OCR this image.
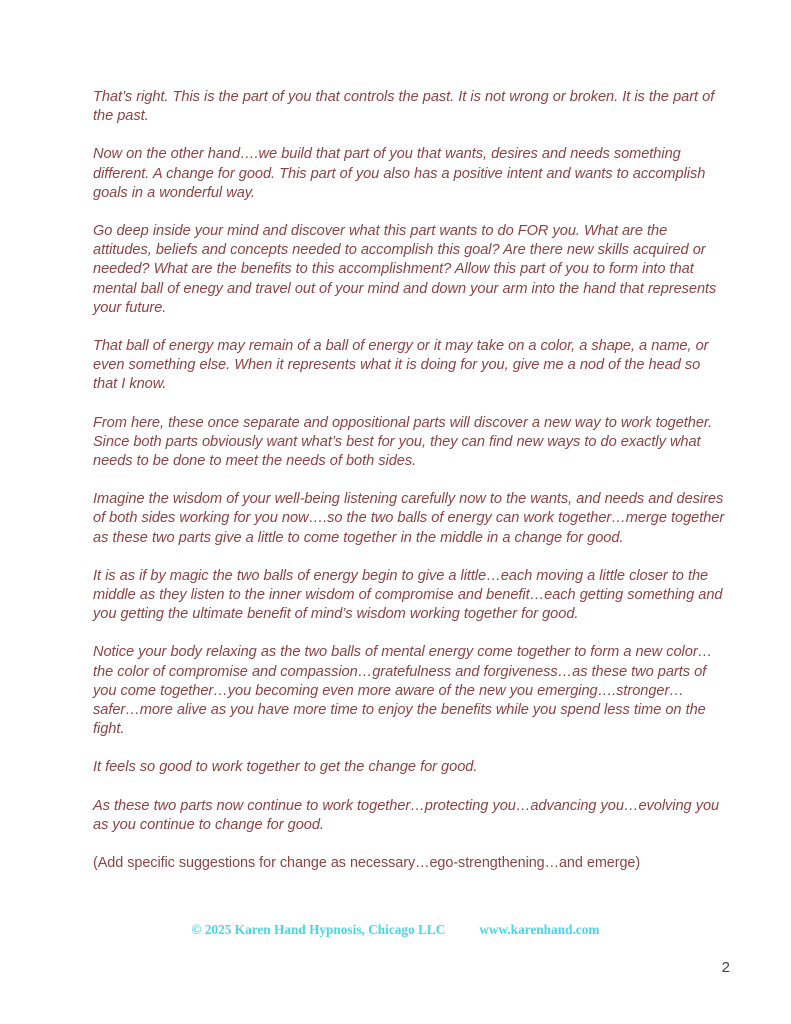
That’s right. This is the part of you that controls the past. It is not wrong or broken. It is the part of the past.

Now on the other hand….we build that part of you that wants, desires and needs something different. A change for good. This part of you also has a positive intent and wants to accomplish goals in a wonderful way.

Go deep inside your mind and discover what this part wants to do FOR you. What are the attitudes, beliefs and concepts needed to accomplish this goal? Are there new skills acquired or needed? What are the benefits to this accomplishment? Allow this part of you to form into that mental ball of enegy and travel out of your mind and down your arm into the hand that represents your future.

That ball of energy may remain of a ball of energy or it may take on a color, a shape, a name, or even something else. When it represents what it is doing for you, give me a nod of the head so that I know.

From here, these once separate and oppositional parts will discover a new way to work together. Since both parts obviously want what’s best for you, they can find new ways to do exactly what needs to be done to meet the needs of both sides.

Imagine the wisdom of your well-being listening carefully now to the wants, and needs and desires of both sides working for you now….so the two balls of energy can work together…merge together as these two parts give a little to come together in the middle in a change for good.

It is as if by magic the two balls of energy begin to give a little…each moving a little closer to the middle as they listen to the inner wisdom of compromise and benefit…each getting something and you getting the ultimate benefit of mind’s wisdom working together for good.

Notice your body relaxing as the two balls of mental energy come together to form a new color…the color of compromise and compassion…gratefulness and forgiveness…as these two parts of you come together…you becoming even more aware of the new you emerging….stronger…safer…more alive as you have more time to enjoy the benefits while you spend less time on the fight.

It feels so good to work together to get the change for good.

As these two parts now continue to work together…protecting you…advancing you…evolving you as you continue to change for good.

(Add specific suggestions for change as necessary…ego-strengthening…and emerge)

© 2025 Karen Hand Hypnosis, Chicago LLC	www.karenhand.com
2
